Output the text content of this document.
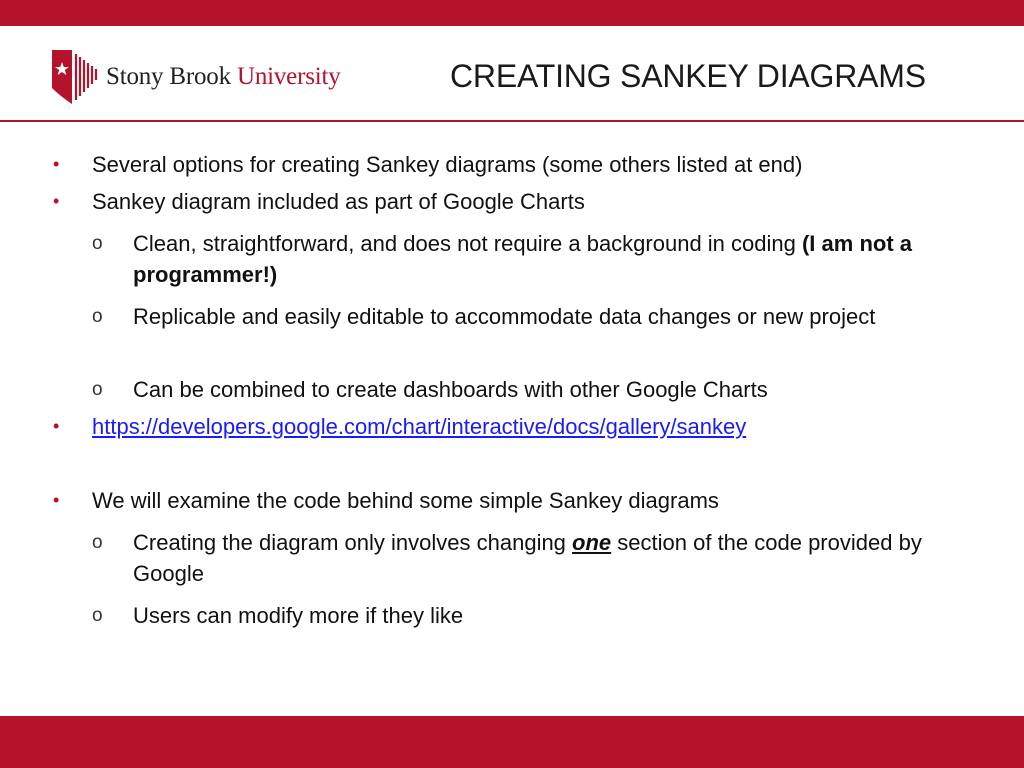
Stony Brook University	CREATING SANKEY DIAGRAMS
• Several options for creating Sankey diagrams (some others listed at end)
• Sankey diagram included as part of Google Charts
o Clean, straightforward, and does not require a background in coding (I am not a programmer!)
o Replicable and easily editable to accommodate data changes or new project
o Can be combined to create dashboards with other Google Charts
• https://developers.google.com/chart/interactive/docs/gallery/sankey
• We will examine the code behind some simple Sankey diagrams
o Creating the diagram only involves changing one section of the code provided by Google
o Users can modify more if they like
